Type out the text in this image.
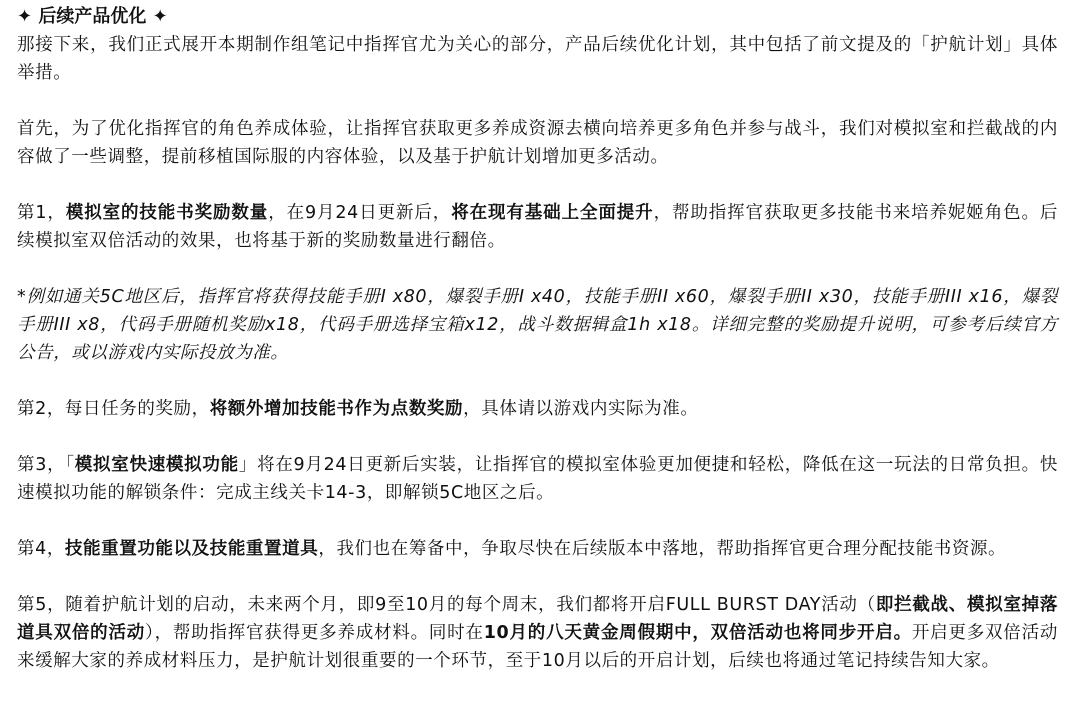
✦ 后续产品优化 ✦

那接下来，我们正式展开本期制作组笔记中指挥官尤为关心的部分，产品后续优化计划，其中包括了前文提及的「护航计划」具体举措。

首先，为了优化指挥官的角色养成体验，让指挥官获取更多养成资源去横向培养更多角色并参与战斗，我们对模拟室和拦截战的内容做了一些调整，提前移植国际服的内容体验，以及基于护航计划增加更多活动。

第1，模拟室的技能书奖励数量，在9月24日更新后，将在现有基础上全面提升，帮助指挥官获取更多技能书来培养妮姬角色。后续模拟室双倍活动的效果，也将基于新的奖励数量进行翻倍。

*例如通关5C地区后，指挥官将获得技能手册I x80，爆裂手册I x40，技能手册II x60，爆裂手册II x30，技能手册III x16，爆裂手册III x8，代码手册随机奖励x18，代码手册选择宝箱x12，战斗数据辑盒1h x18。详细完整的奖励提升说明，可参考后续官方公告，或以游戏内实际投放为准。

第2，每日任务的奖励，将额外增加技能书作为点数奖励，具体请以游戏内实际为准。

第3，「模拟室快速模拟功能」将在9月24日更新后实装，让指挥官的模拟室体验更加便捷和轻松，降低在这一玩法的日常负担。快速模拟功能的解锁条件：完成主线关卡14-3，即解锁5C地区之后。

第4，技能重置功能以及技能重置道具，我们也在筹备中，争取尽快在后续版本中落地，帮助指挥官更合理分配技能书资源。

第5，随着护航计划的启动，未来两个月，即9至10月的每个周末，我们都将开启FULL BURST DAY活动（即拦截战、模拟室掉落道具双倍的活动），帮助指挥官获得更多养成材料。同时在10月的八天黄金周假期中，双倍活动也将同步开启。开启更多双倍活动来缓解大家的养成材料压力，是护航计划很重要的一个环节，至于10月以后的开启计划，后续也将通过笔记持续告知大家。
